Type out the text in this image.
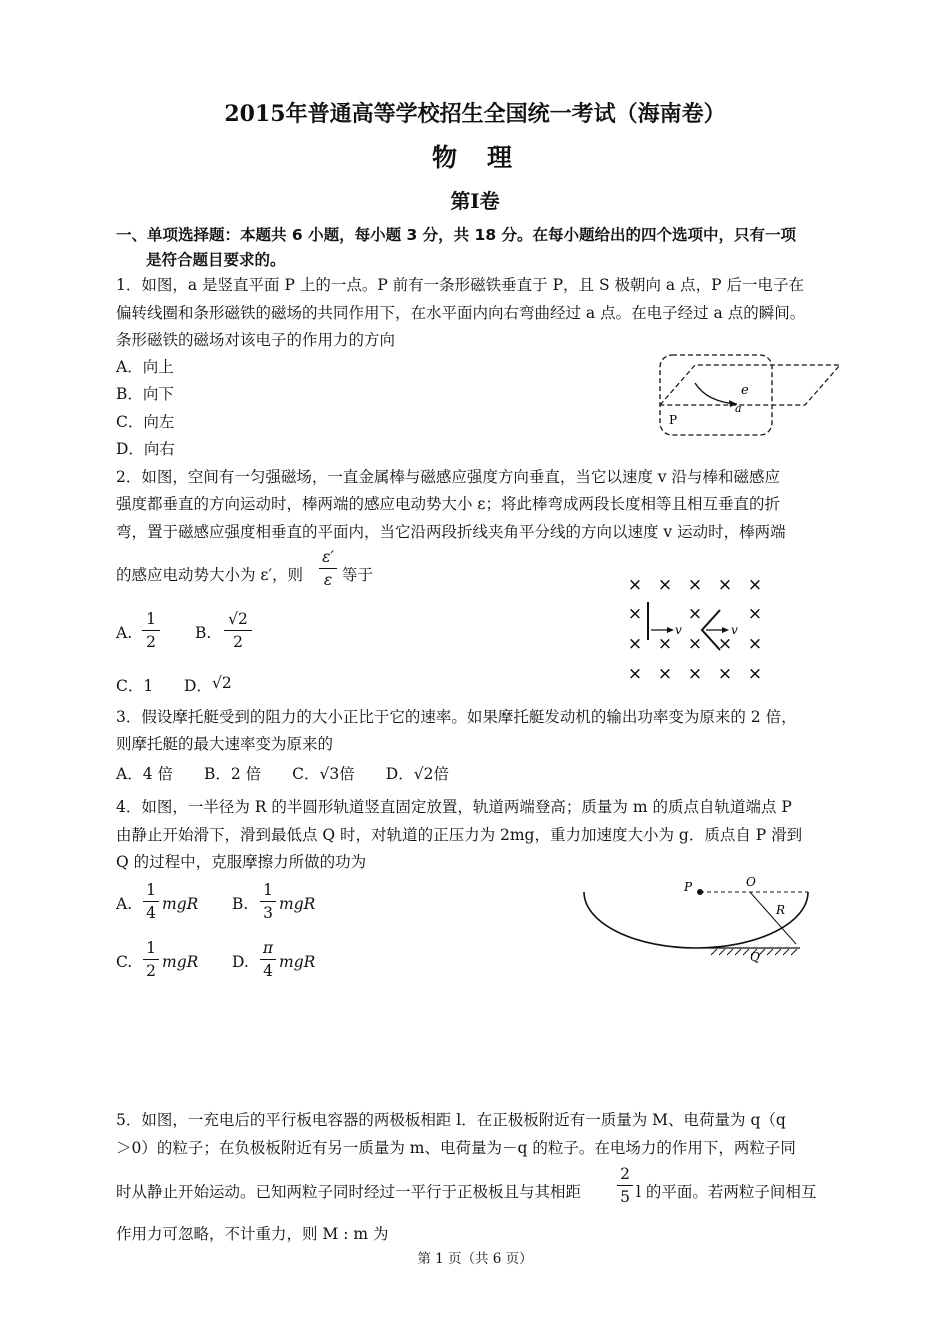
2015年普通高等学校招生全国统一考试（海南卷）
物理
第I卷
一、单项选择题：本题共 6 小题，每小题 3 分，共 18 分。在每小题给出的四个选项中，只有一项
是符合题目要求的。
1．如图，a 是竖直平面 P 上的一点。P 前有一条形磁铁垂直于 P，且 S 极朝向 a 点，P 后一电子在
偏转线圈和条形磁铁的磁场的共同作用下，在水平面内向右弯曲经过 a 点。在电子经过 a 点的瞬间。
条形磁铁的磁场对该电子的作用力的方向
A．向上
B．向下
C．向左
D．向右
e
a
P
2．如图，空间有一匀强磁场，一直金属棒与磁感应强度方向垂直，当它以速度 v 沿与棒和磁感应
强度都垂直的方向运动时，棒两端的感应电动势大小 ε；将此棒弯成两段长度相等且相互垂直的折
弯，置于磁感应强度相垂直的平面内，当它沿两段折线夹角平分线的方向以速度 v 运动时，棒两端
的感应电动势大小为 ε′，则
ε′
ε 等于
A.
1
2	B.
√2
2
C．1 D． √2
× × × × ×
×	×	×
× × × × ×
× × × × ×
v	v
3．假设摩托艇受到的阻力的大小正比于它的速率。如果摩托艇发动机的输出功率变为原来的 2 倍，
则摩托艇的最大速率变为原来的
A．4 倍　　B．2 倍　　C．√3倍　　D．√2倍
4．如图，一半径为 R 的半圆形轨道竖直固定放置，轨道两端登高；质量为 m 的质点自轨道端点 P
由静止开始滑下，滑到最低点 Q 时，对轨道的正压力为 2mg，重力加速度大小为 g．质点自 P 滑到
Q 的过程中，克服摩擦力所做的功为
A.
1
4 mgR B.
1
3 mgR
C.
1
2 mgR D.
π
4 mgR
P	O
R
Q
5．如图，一充电后的平行板电容器的两极板相距 l．在正极板附近有一质量为 M、电荷量为 q（q
＞0）的粒子；在负极板附近有另一质量为 m、电荷量为－q 的粒子。在电场力的作用下，两粒子同
时从静止开始运动。已知两粒子同时经过一平行于正极板且与其相距
2
5 l 的平面。若两粒子间相互
作用力可忽略，不计重力，则 M : m 为
第 1 页（共 6 页）
